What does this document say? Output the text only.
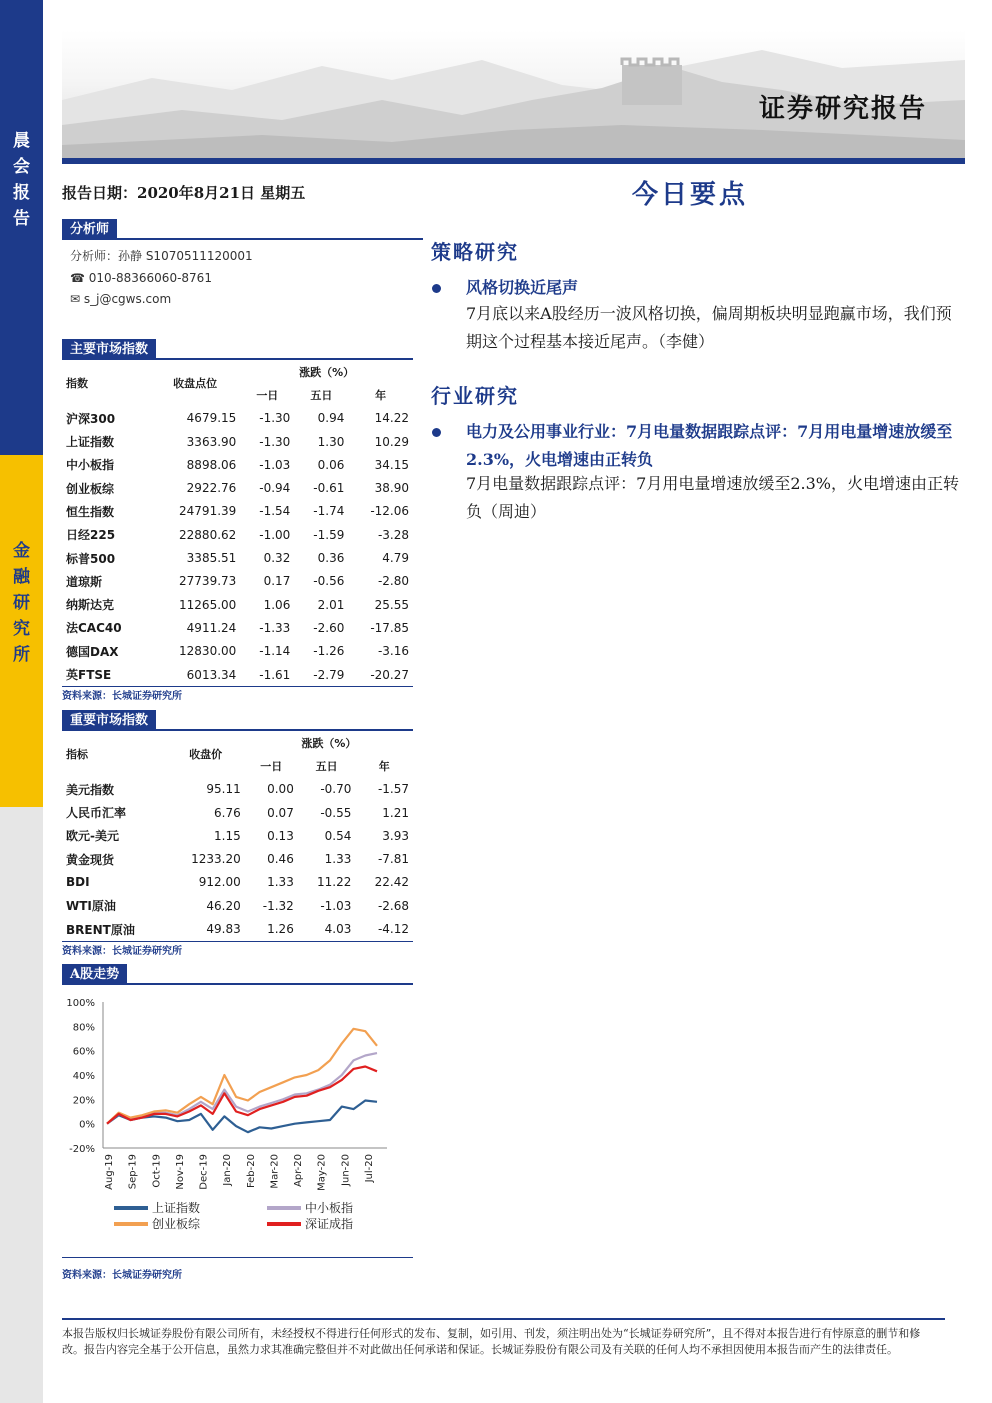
晨
会
报
告
金
融
研
究
所
证券研究报告
报告日期：2020年8月21日 星期五	今日要点
分析师
分析师：孙静 S1070511120001
☎ 010-88366060-8761
✉ s_j@cgws.com
主要市场指数
指数	收盘点位	涨跌（%）		
		一日	五日	年
沪深300	4679.15	-1.30	0.94	14.22
上证指数	3363.90	-1.30	1.30	10.29
中小板指	8898.06	-1.03	0.06	34.15
创业板综	2922.76	-0.94	-0.61	38.90
恒生指数	24791.39	-1.54	-1.74	-12.06
日经225	22880.62	-1.00	-1.59	-3.28
标普500	3385.51	0.32	0.36	4.79
道琼斯	27739.73	0.17	-0.56	-2.80
纳斯达克	11265.00	1.06	2.01	25.55
法CAC40	4911.24	-1.33	-2.60	-17.85
德国DAX	12830.00	-1.14	-1.26	-3.16
英FTSE	6013.34	-1.61	-2.79	-20.27
资料来源：长城证券研究所
重要市场指数
指标	收盘价	涨跌（%）		
		一日	五日	年
美元指数	95.11	0.00	-0.70	-1.57
人民币汇率	6.76	0.07	-0.55	1.21
欧元-美元	1.15	0.13	0.54	3.93
黄金现货	1233.20	0.46	1.33	-7.81
BDI	912.00	1.33	11.22	22.42
WTI原油	46.20	-1.32	-1.03	-2.68
BRENT原油	49.83	1.26	4.03	-4.12
资料来源：长城证券研究所
A股走势
100%
80%
60%
40%
20%
0%
-20%
Aug-19 Sep-19 Oct-19 Nov-19 Dec-19 Jan-20 Feb-20 Mar-20 Apr-20 May-20 Jun-20 Jul-20
上证指数	中小板指
创业板综	深证成指
资料来源：长城证券研究所
策略研究
风格切换近尾声
7月底以来A股经历一波风格切换，偏周期板块明显跑赢市场，我们预期这个过程基本接近尾声。（李健）
行业研究
电力及公用事业行业：7月电量数据跟踪点评：7月用电量增速放缓至2.3%，火电增速由正转负
7月电量数据跟踪点评：7月用电量增速放缓至2.3%，火电增速由正转负（周迪）
本报告版权归长城证券股份有限公司所有，未经授权不得进行任何形式的发布、复制，如引用、刊发，须注明出处为“长城证券研究所”，且不得对本报告进行有悖原意的删节和修改。报告内容完全基于公开信息，虽然力求其准确完整但并不对此做出任何承诺和保证。长城证券股份有限公司及有关联的任何人均不承担因使用本报告而产生的法律责任。
